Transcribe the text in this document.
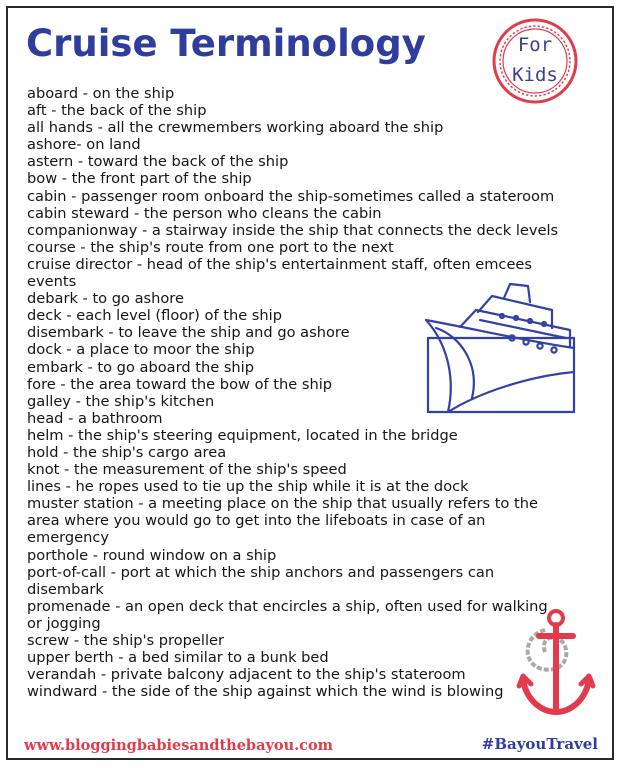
Cruise Terminology	For
Kids

aboard - on the ship

aft - the back of the ship

all hands - all the crewmembers working aboard the ship

ashore- on land

astern - toward the back of the ship

bow - the front part of the ship

cabin - passenger room onboard the ship-sometimes called a stateroom

cabin steward - the person who cleans the cabin

companionway - a stairway inside the ship that connects the deck levels

course - the ship's route from one port to the next

cruise director - head of the ship's entertainment staff, often emcees events

debark - to go ashore

deck - each level (floor) of the ship

disembark - to leave the ship and go ashore

dock - a place to moor the ship

embark - to go aboard the ship

fore - the area toward the bow of the ship

galley - the ship's kitchen

head - a bathroom

helm - the ship's steering equipment, located in the bridge

hold - the ship's cargo area

knot - the measurement of the ship's speed

lines - he ropes used to tie up the ship while it is at the dock

muster station - a meeting place on the ship that usually refers to the area where you would go to get into the lifeboats in case of an emergency

porthole - round window on a ship

port-of-call - port at which the ship anchors and passengers can disembark

promenade - an open deck that encircles a ship, often used for walking or jogging

screw - the ship's propeller

upper berth - a bed similar to a bunk bed

verandah - private balcony adjacent to the ship's stateroom

windward - the side of the ship against which the wind is blowing

www.bloggingbabiesandthebayou.com	#BayouTravel
